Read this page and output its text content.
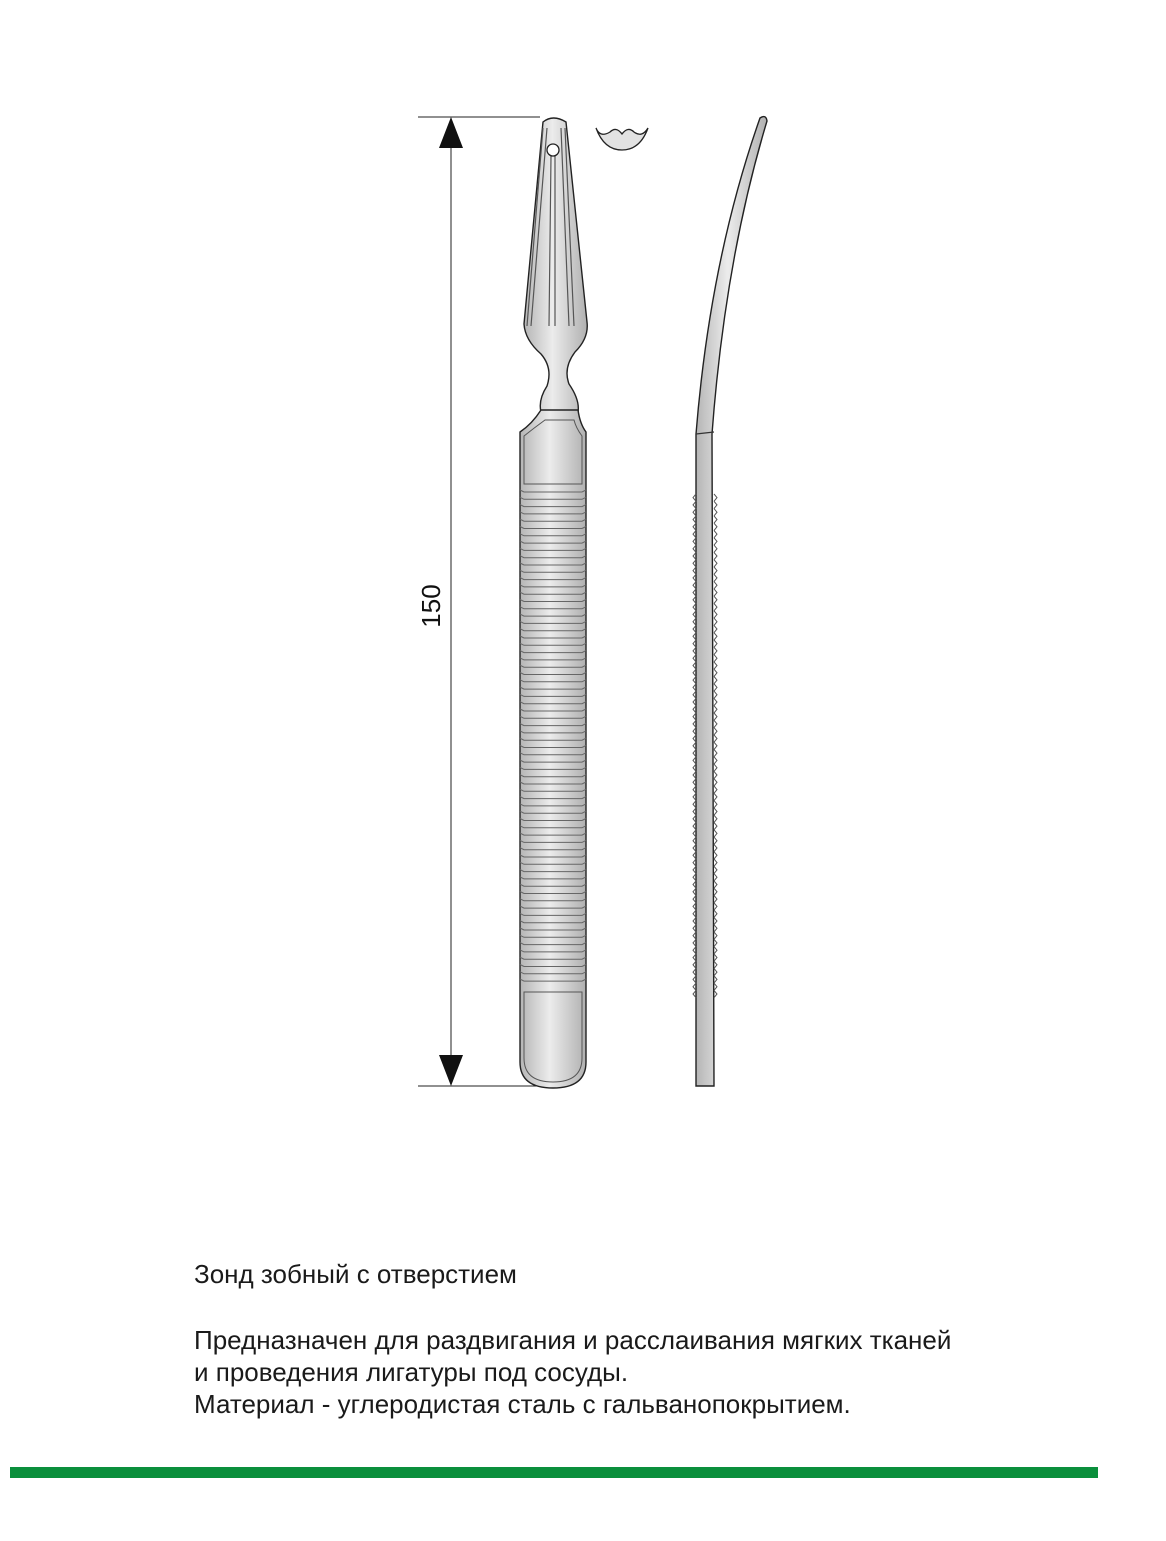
150
Зонд зобный с отверстием
Предназначен для раздвигания и расслаивания мягких тканей
и проведения лигатуры под сосуды.
Материал - углеродистая сталь с гальванопокрытием.
